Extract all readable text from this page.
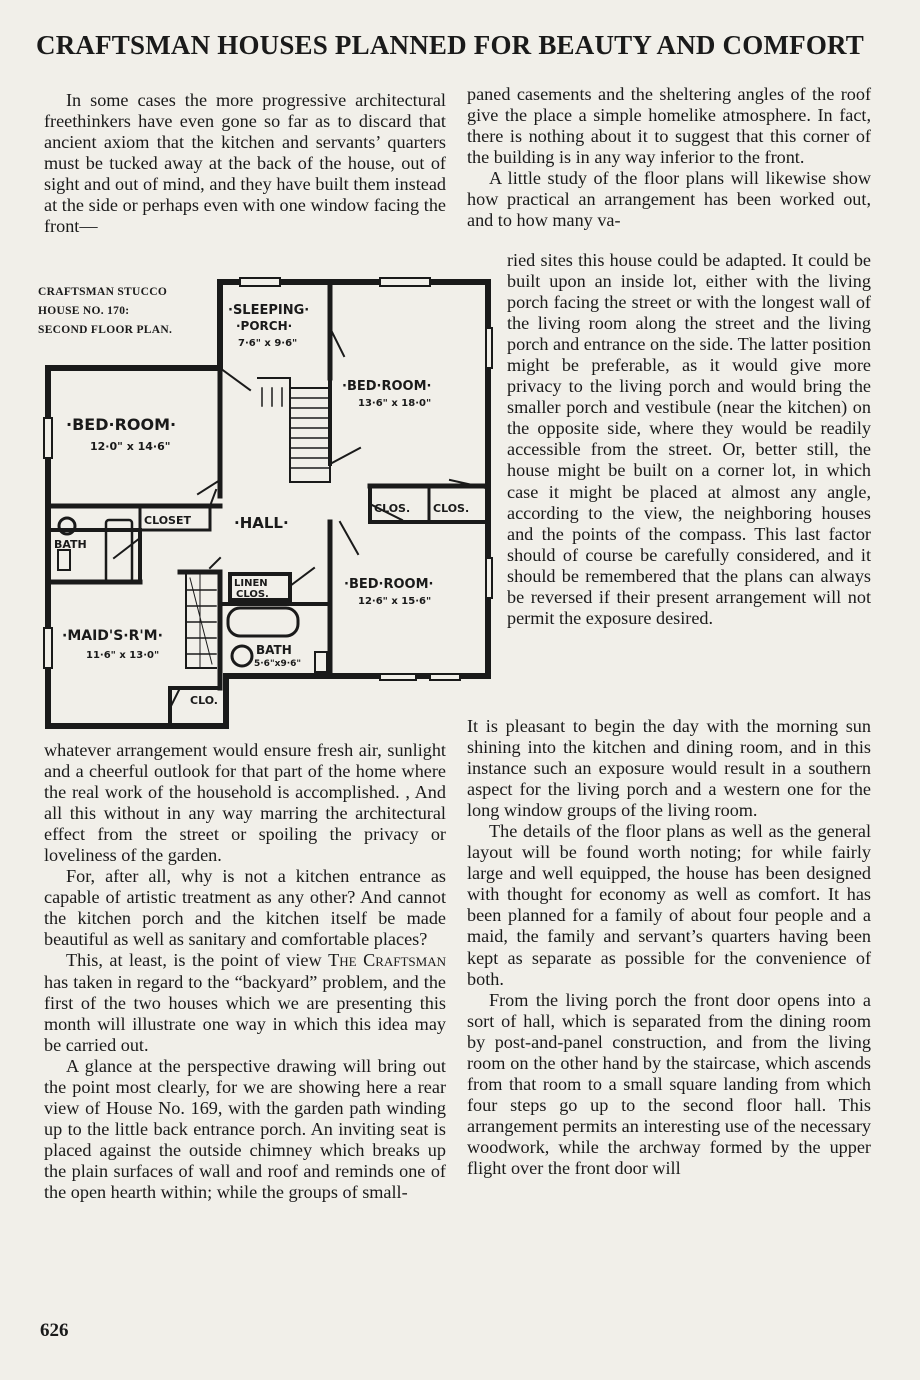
CRAFTSMAN HOUSES PLANNED FOR BEAUTY AND COMFORT

In some cases the more progressive architectural freethinkers have even gone so far as to discard that ancient axiom that the kitchen and servants’ quarters must be tucked away at the back of the house, out of sight and out of mind, and they have built them instead at the side or perhaps even with one window facing the front—

CRAFTSMAN STUCCO
HOUSE NO. 170:
SECOND FLOOR PLAN.
·SLEEPING·
·PORCH·
7·6" x 9·6"
·BED·ROOM·
13·6" x 18·0"
·BED·ROOM·
12·0" x 14·6"
CLOSET	·HALL·
CLOS. CLOS.
BATH
·BED·ROOM·
12·6" x 15·6"
LINEN
CLOS.
·MAID'S·R'M·
11·6" x 13·0"	BATH
5·6"x9·6"
CLO.

whatever arrangement would ensure fresh air, sunlight and a cheerful outlook for that part of the home where the real work of the household is accomplished. , And all this without in any way marring the architectural effect from the street or spoiling the privacy or loveliness of the garden.

For, after all, why is not a kitchen entrance as capable of artistic treatment as any other? And cannot the kitchen porch and the kitchen itself be made beautiful as well as sanitary and comfortable places?

This, at least, is the point of view The Craftsman has taken in regard to the “backyard” problem, and the first of the two houses which we are presenting this month will illustrate one way in which this idea may be carried out.

A glance at the perspective drawing will bring out the point most clearly, for we are showing here a rear view of House No. 169, with the garden path winding up to the little back entrance porch. An inviting seat is placed against the outside chimney which breaks up the plain surfaces of wall and roof and reminds one of the open hearth within; while the groups of small-

paned casements and the sheltering angles of the roof give the place a simple homelike atmosphere. In fact, there is nothing about it to suggest that this corner of the building is in any way inferior to the front.

A little study of the floor plans will likewise show how practical an arrangement has been worked out, and to how many va-

ried sites this house could be adapted. It could be built upon an inside lot, either with the living porch facing the street or with the longest wall of the living room along the street and the living porch and entrance on the side. The latter position might be preferable, as it would give more privacy to the living porch and would bring the smaller porch and vestibule (near the kitchen) on the opposite side, where they would be readily accessible from the street. Or, better still, the house might be built on a corner lot, in which case it might be placed at almost any angle, according to the view, the neighboring houses and the points of the compass. This last factor should of course be carefully considered, and it should be remembered that the plans can always be reversed if their present arrangement will not permit the exposure desired.

It is pleasant to begin the day with the morning sun shining into the kitchen and dining room, and in this instance such an exposure would result in a southern aspect for the living porch and a western one for the long window groups of the living room.

The details of the floor plans as well as the general layout will be found worth noting; for while fairly large and well equipped, the house has been designed with thought for economy as well as comfort. It has been planned for a family of about four people and a maid, the family and servant’s quarters having been kept as separate as possible for the convenience of both.

From the living porch the front door opens into a sort of hall, which is separated from the dining room by post-and-panel construction, and from the living room on the other hand by the staircase, which ascends from that room to a small square landing from which four steps go up to the second floor hall. This arrangement permits an interesting use of the necessary woodwork, while the archway formed by the upper flight over the front door will

626
